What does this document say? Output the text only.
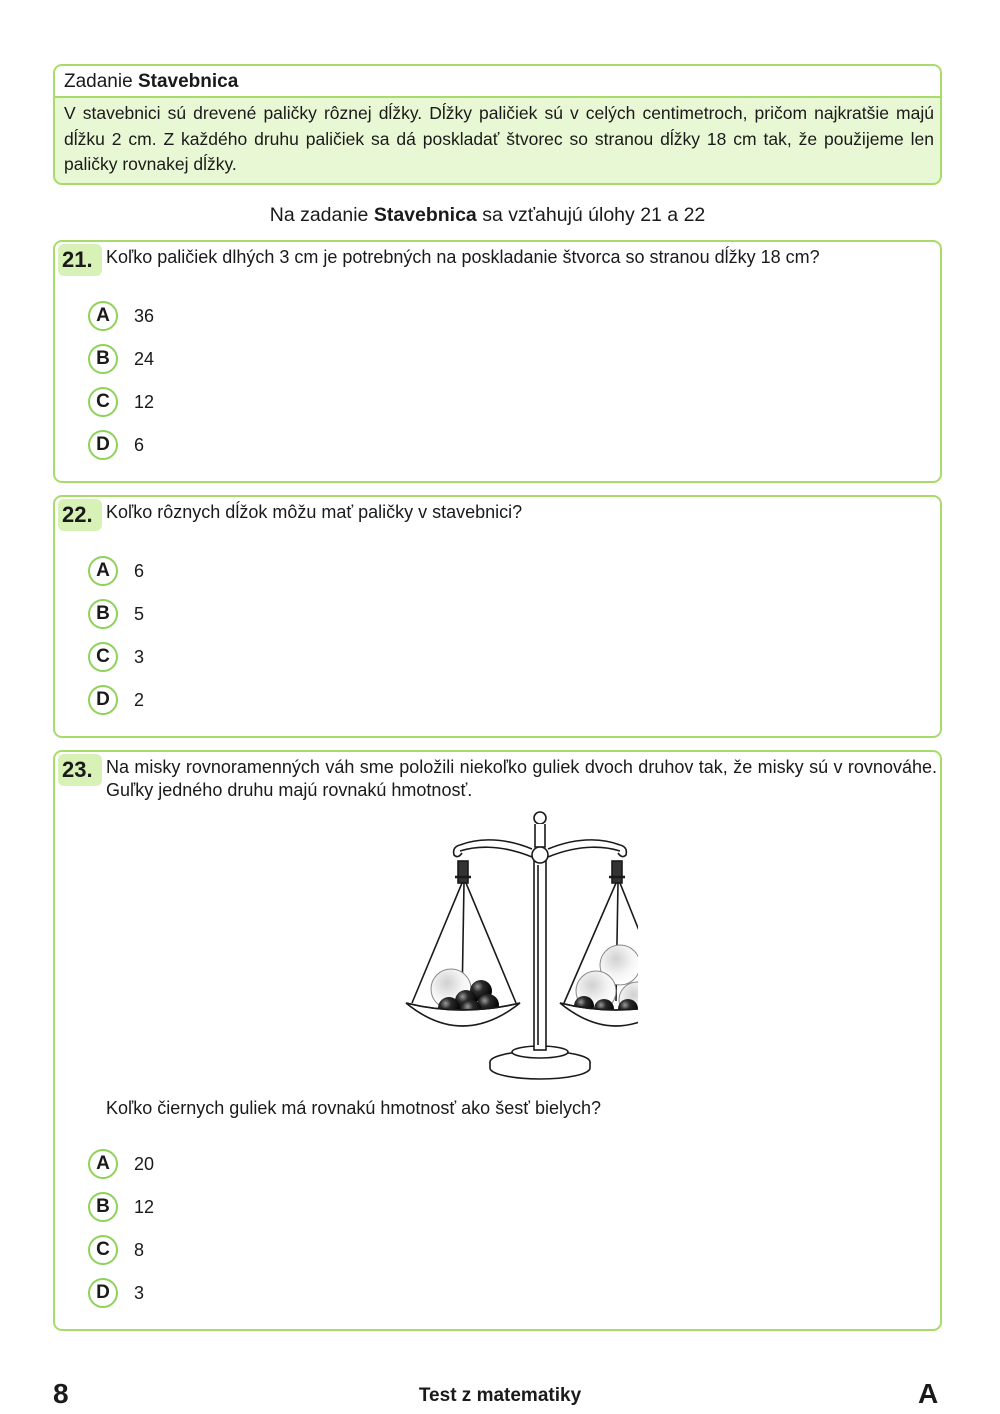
Zadanie Stavebnica
V stavebnici sú drevené paličky rôznej dĺžky. Dĺžky paličiek sú v celých centimetroch, pričom najkratšie majú dĺžku 2 cm. Z každého druhu paličiek sa dá poskladať štvorec so stranou dĺžky 18 cm tak, že použijeme len paličky rovnakej dĺžky.
Na zadanie Stavebnica sa vzťahujú úlohy 21 a 22
21. Koľko paličiek dlhých 3 cm je potrebných na poskladanie štvorca so stranou dĺžky 18 cm?
A	36
B	24
C	12
D	6
22. Koľko rôznych dĺžok môžu mať paličky v stavebnici?
A	6
B	5
C	3
D	2
23. Na misky rovnoramenných váh sme položili niekoľko guliek dvoch druhov tak, že misky sú v rovnováhe. Guľky jedného druhu majú rovnakú hmotnosť.
Koľko čiernych guliek má rovnakú hmotnosť ako šesť bielych?
A	20
B	12
C	8
D	3
8	Test z matematiky	A
